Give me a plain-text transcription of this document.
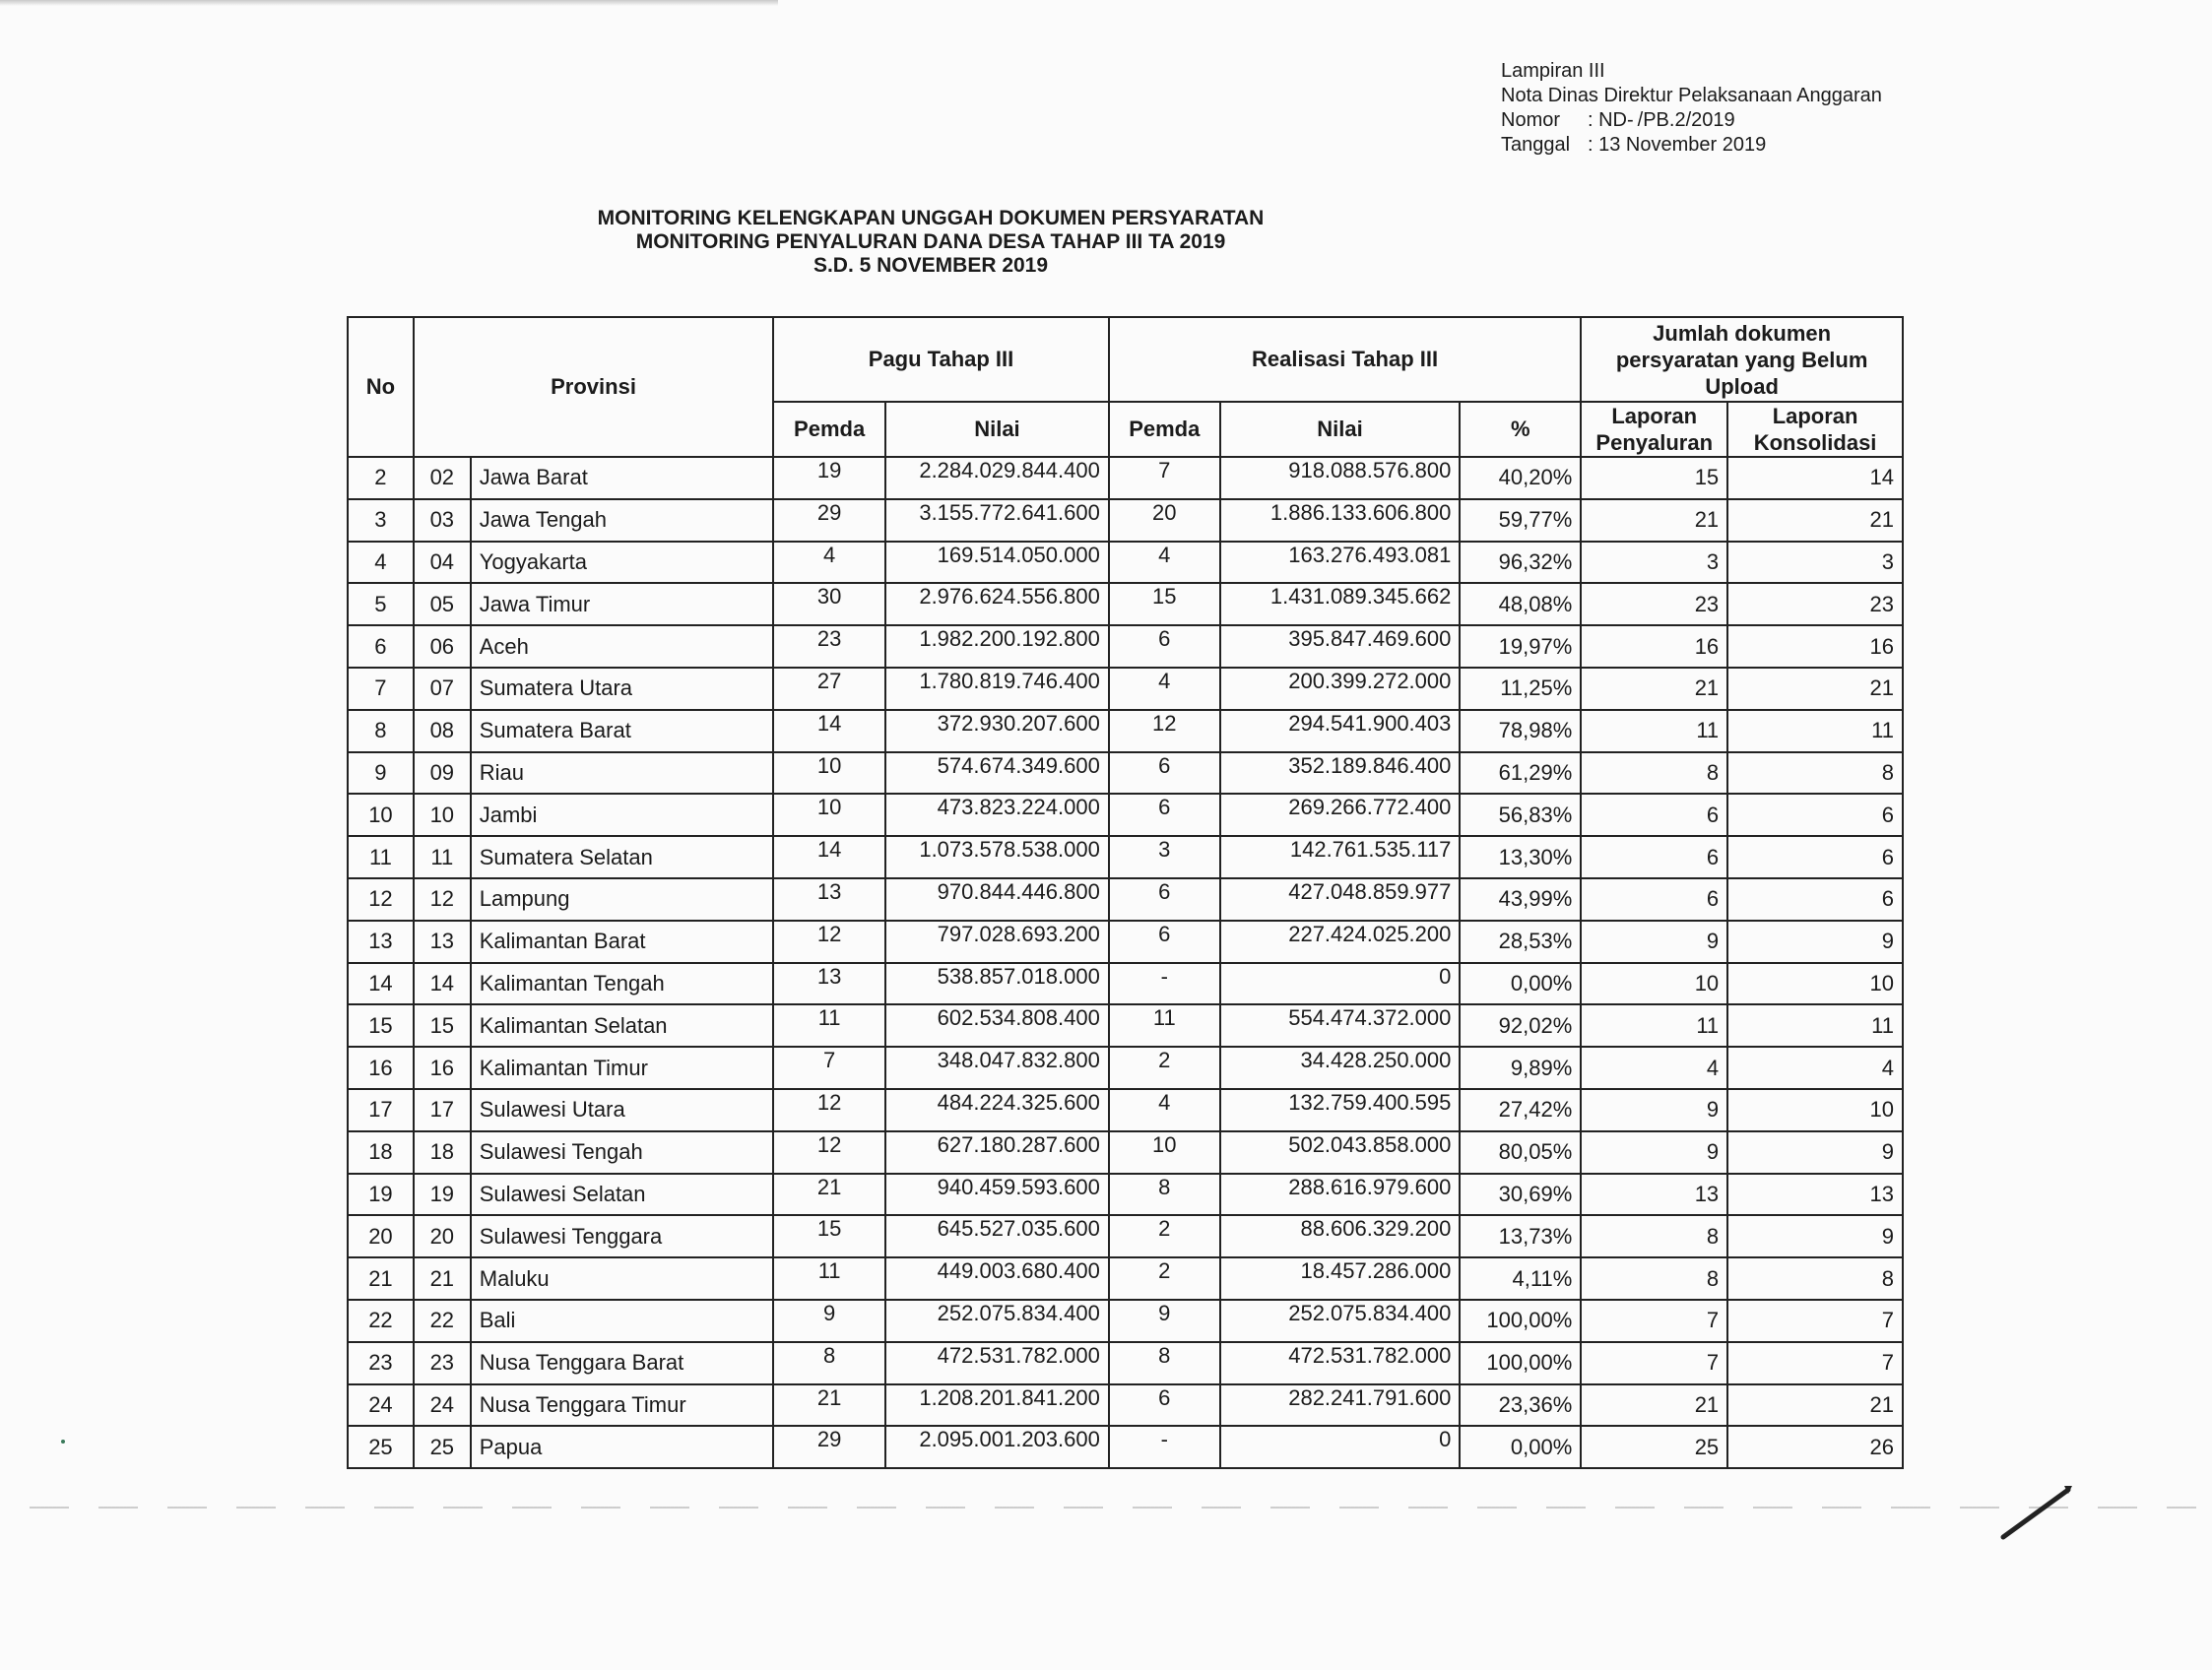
Lampiran III
Nota Dinas Direktur Pelaksanaan Anggaran
Nomor : ND- /PB.2/2019
Tanggal : 13 November 2019
MONITORING KELENGKAPAN UNGGAH DOKUMEN PERSYARATAN
MONITORING PENYALURAN DANA DESA TAHAP III TA 2019
S.D. 5 NOVEMBER 2019
No	Provinsi		Pagu Tahap III		Realisasi Tahap III			Jumlah dokumen persyaratan yang Belum Upload	
			Pemda	Nilai	Pemda	Nilai	%	Laporan Penyaluran	Laporan Konsolidasi
2	02	Jawa Barat	19	2.284.029.844.400	7	918.088.576.800	40,20%	15	14
3	03	Jawa Tengah	29	3.155.772.641.600	20	1.886.133.606.800	59,77%	21	21
4	04	Yogyakarta	4	169.514.050.000	4	163.276.493.081	96,32%	3	3
5	05	Jawa Timur	30	2.976.624.556.800	15	1.431.089.345.662	48,08%	23	23
6	06	Aceh	23	1.982.200.192.800	6	395.847.469.600	19,97%	16	16
7	07	Sumatera Utara	27	1.780.819.746.400	4	200.399.272.000	11,25%	21	21
8	08	Sumatera Barat	14	372.930.207.600	12	294.541.900.403	78,98%	11	11
9	09	Riau	10	574.674.349.600	6	352.189.846.400	61,29%	8	8
10	10	Jambi	10	473.823.224.000	6	269.266.772.400	56,83%	6	6
11	11	Sumatera Selatan	14	1.073.578.538.000	3	142.761.535.117	13,30%	6	6
12	12	Lampung	13	970.844.446.800	6	427.048.859.977	43,99%	6	6
13	13	Kalimantan Barat	12	797.028.693.200	6	227.424.025.200	28,53%	9	9
14	14	Kalimantan Tengah	13	538.857.018.000	-	0	0,00%	10	10
15	15	Kalimantan Selatan	11	602.534.808.400	11	554.474.372.000	92,02%	11	11
16	16	Kalimantan Timur	7	348.047.832.800	2	34.428.250.000	9,89%	4	4
17	17	Sulawesi Utara	12	484.224.325.600	4	132.759.400.595	27,42%	9	10
18	18	Sulawesi Tengah	12	627.180.287.600	10	502.043.858.000	80,05%	9	9
19	19	Sulawesi Selatan	21	940.459.593.600	8	288.616.979.600	30,69%	13	13
20	20	Sulawesi Tenggara	15	645.527.035.600	2	88.606.329.200	13,73%	8	9
21	21	Maluku	11	449.003.680.400	2	18.457.286.000	4,11%	8	8
22	22	Bali	9	252.075.834.400	9	252.075.834.400	100,00%	7	7
23	23	Nusa Tenggara Barat	8	472.531.782.000	8	472.531.782.000	100,00%	7	7
24	24	Nusa Tenggara Timur	21	1.208.201.841.200	6	282.241.791.600	23,36%	21	21
25	25	Papua	29	2.095.001.203.600	-	0	0,00%	25	26
